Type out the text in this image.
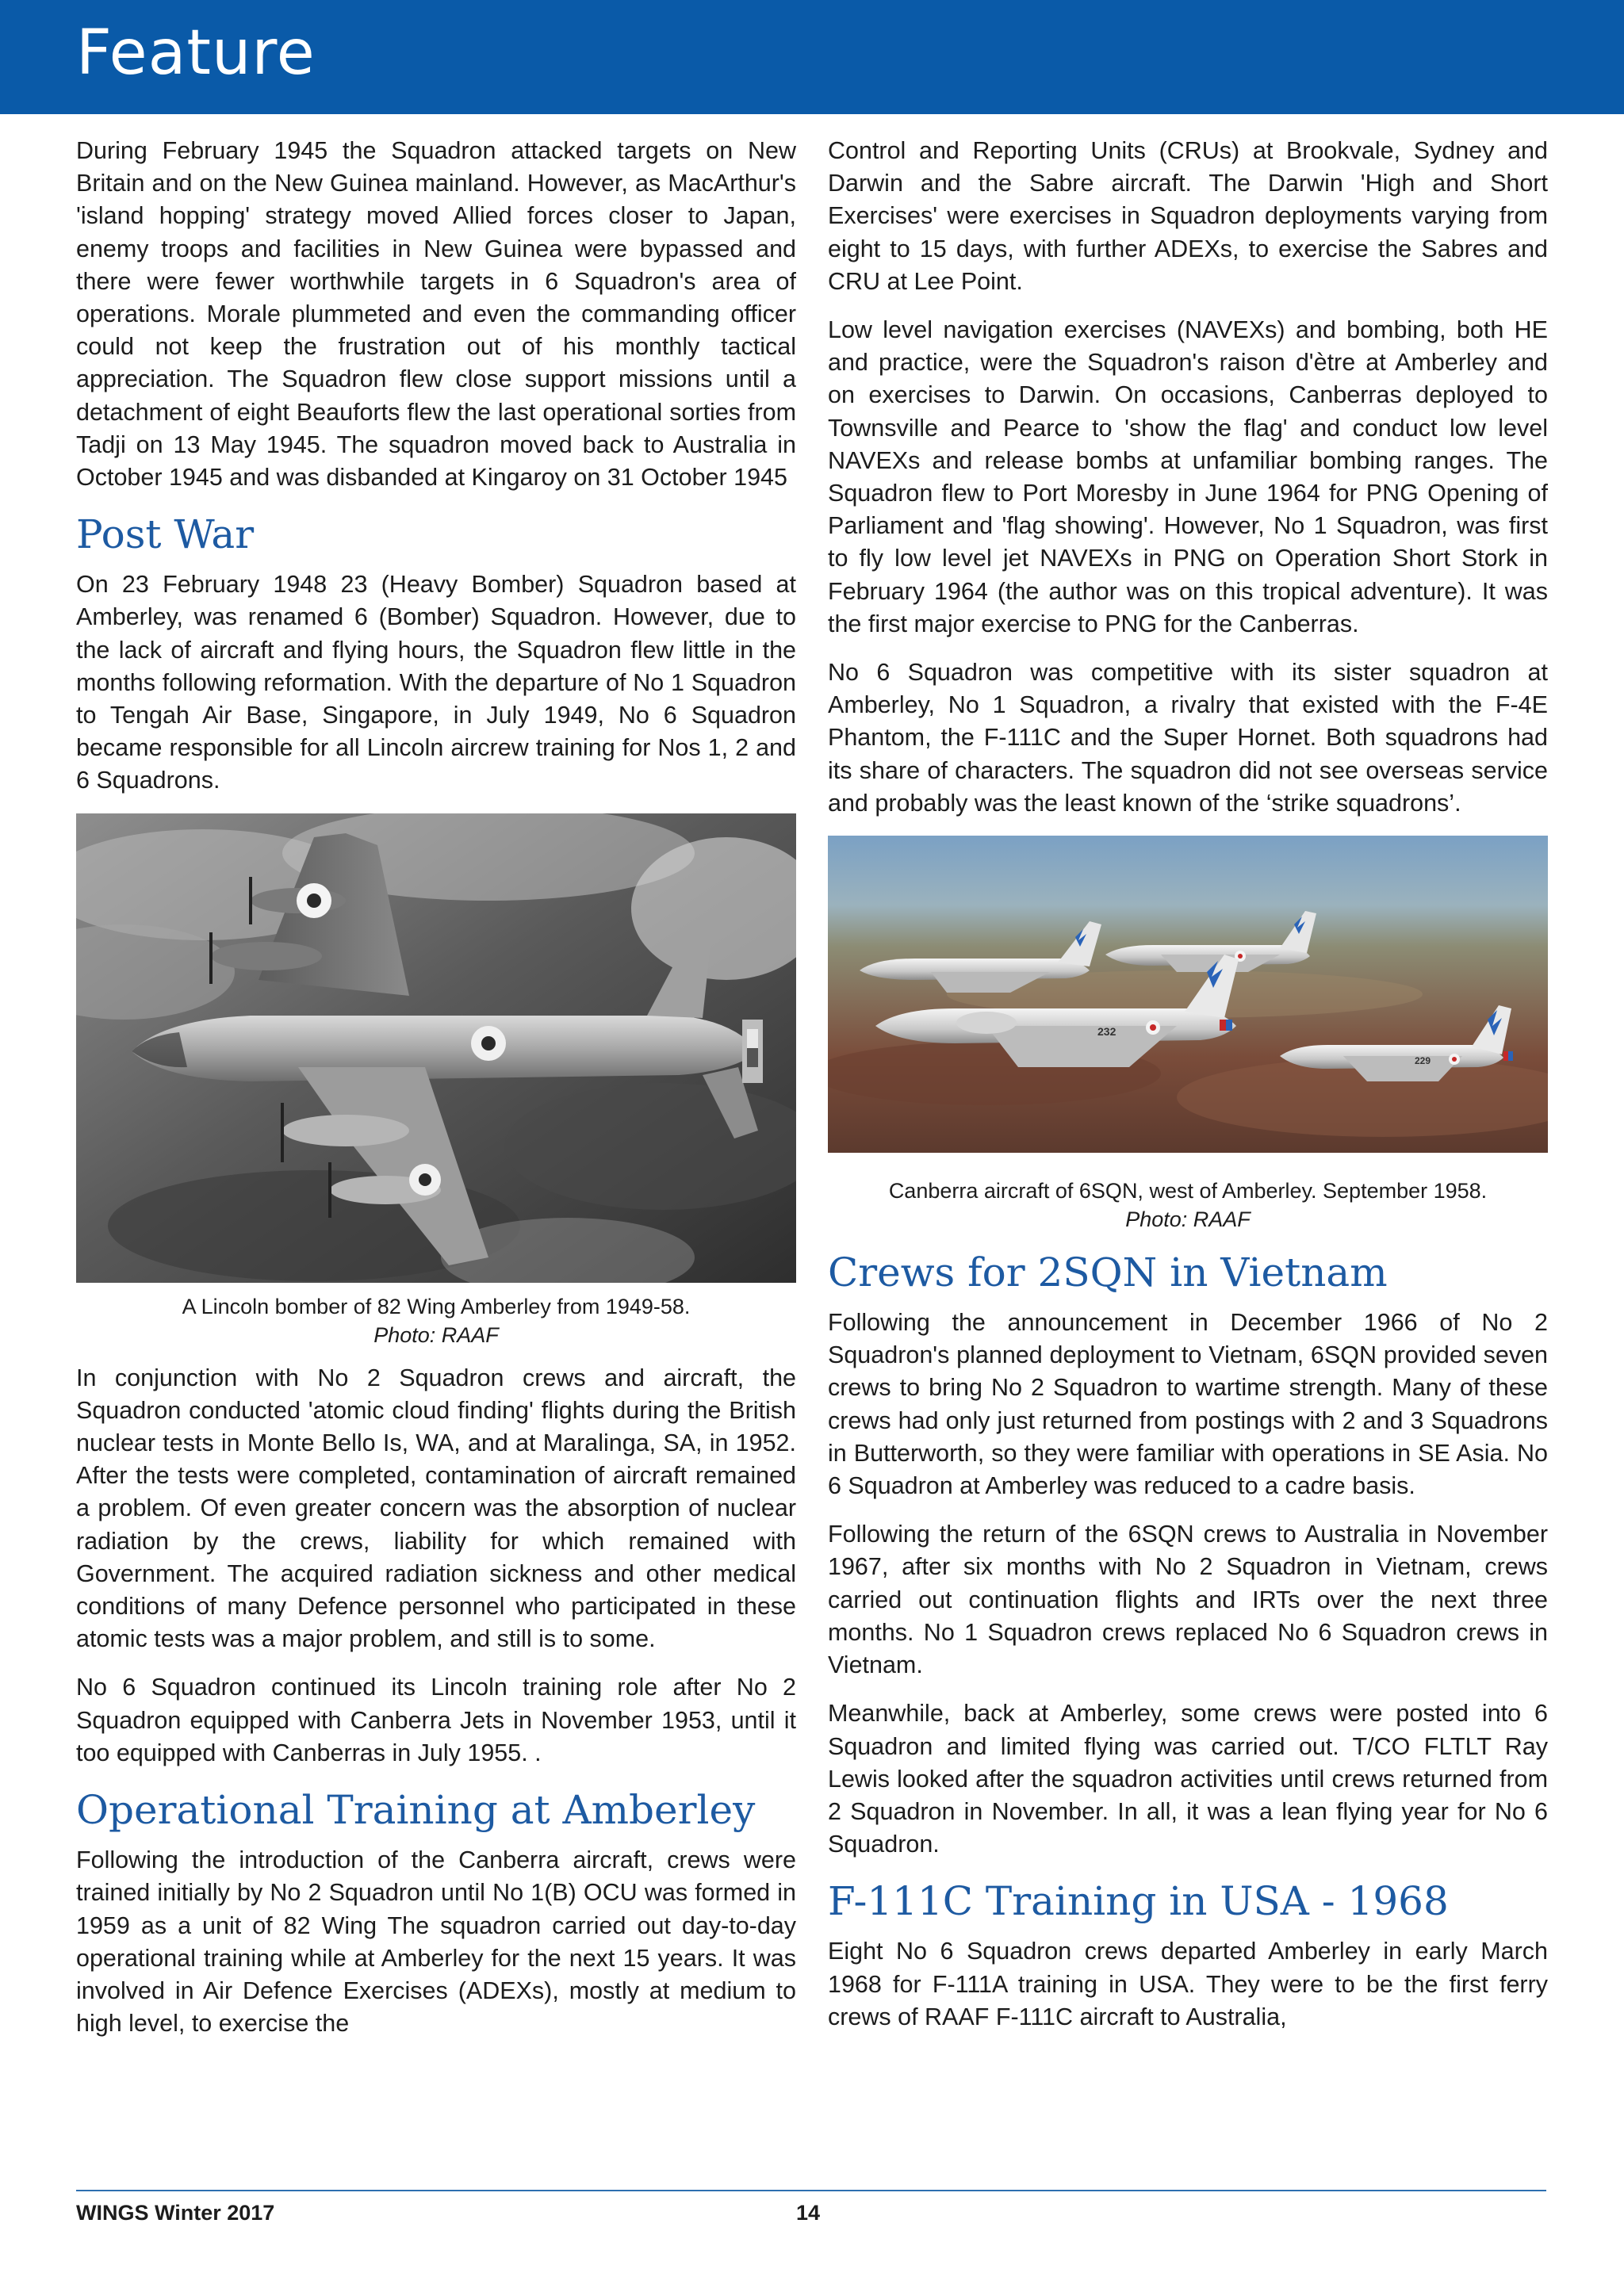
Feature

During February 1945 the Squadron attacked targets on New Britain and on the New Guinea mainland. However, as MacArthur's 'island hopping' strategy moved Allied forces closer to Japan, enemy troops and facilities in New Guinea were bypassed and there were fewer worthwhile targets in 6 Squadron's area of operations. Morale plummeted and even the commanding officer could not keep the frustration out of his monthly tactical appreciation. The Squadron flew close support missions until a detachment of eight Beauforts flew the last operational sorties from Tadji on 13 May 1945. The squadron moved back to Australia in October 1945 and was disbanded at Kingaroy on 31 October 1945

Post War

On 23 February 1948 23 (Heavy Bomber) Squadron based at Amberley, was renamed 6 (Bomber) Squadron. However, due to the lack of aircraft and flying hours, the Squadron flew little in the months following reformation. With the departure of No 1 Squadron to Tengah Air Base, Singapore, in July 1949, No 6 Squadron became responsible for all Lincoln aircrew training for Nos 1, 2 and 6 Squadrons.

A Lincoln bomber of 82 Wing Amberley from 1949-58.
Photo: RAAF

In conjunction with No 2 Squadron crews and aircraft, the Squadron conducted 'atomic cloud finding' flights during the British nuclear tests in Monte Bello Is, WA, and at Maralinga, SA, in 1952. After the tests were completed, contamination of aircraft remained a problem. Of even greater concern was the absorption of nuclear radiation by the crews, liability for which remained with Government. The acquired radiation sickness and other medical conditions of many Defence personnel who participated in these atomic tests was a major problem, and still is to some.

No 6 Squadron continued its Lincoln training role after No 2 Squadron equipped with Canberra Jets in November 1953, until it too equipped with Canberras in July 1955. .

Operational Training at Amberley

Following the introduction of the Canberra aircraft, crews were trained initially by No 2 Squadron until No 1(B) OCU was formed in 1959 as a unit of 82 Wing The squadron carried out day-to-day operational training while at Amberley for the next 15 years. It was involved in Air Defence Exercises (ADEXs), mostly at medium to high level, to exercise the

Control and Reporting Units (CRUs) at Brookvale, Sydney and Darwin and the Sabre aircraft. The Darwin 'High and Short Exercises' were exercises in Squadron deployments varying from eight to 15 days, with further ADEXs, to exercise the Sabres and CRU at Lee Point.

Low level navigation exercises (NAVEXs) and bombing, both HE and practice, were the Squadron's raison d'ètre at Amberley and on exercises to Darwin. On occasions, Canberras deployed to Townsville and Pearce to 'show the flag' and conduct low level NAVEXs and release bombs at unfamiliar bombing ranges. The Squadron flew to Port Moresby in June 1964 for PNG Opening of Parliament and 'flag showing'. However, No 1 Squadron, was first to fly low level jet NAVEXs in PNG on Operation Short Stork in February 1964 (the author was on this tropical adventure). It was the first major exercise to PNG for the Canberras.

No 6 Squadron was competitive with its sister squadron at Amberley, No 1 Squadron, a rivalry that existed with the F-4E Phantom, the F-111C and the Super Hornet. Both squadrons had its share of characters. The squadron did not see overseas service and probably was the least known of the ‘strike squadrons’.

232
229
Canberra aircraft of 6SQN, west of Amberley. September 1958.
Photo: RAAF
Crews for 2SQN in Vietnam

Following the announcement in December 1966 of No 2 Squadron's planned deployment to Vietnam, 6SQN provided seven crews to bring No 2 Squadron to wartime strength. Many of these crews had only just returned from postings with 2 and 3 Squadrons in Butterworth, so they were familiar with operations in SE Asia. No 6 Squadron at Amberley was reduced to a cadre basis.

Following the return of the 6SQN crews to Australia in November 1967, after six months with No 2 Squadron in Vietnam, crews carried out continuation flights and IRTs over the next three months. No 1 Squadron crews replaced No 6 Squadron crews in Vietnam.

Meanwhile, back at Amberley, some crews were posted into 6 Squadron and limited flying was carried out. T/CO FLTLT Ray Lewis looked after the squadron activities until crews returned from 2 Squadron in November. In all, it was a lean flying year for No 6 Squadron.

F-111C Training in USA - 1968

Eight No 6 Squadron crews departed Amberley in early March 1968 for F-111A training in USA. They were to be the first ferry crews of RAAF F-111C aircraft to Australia,

WINGS Winter 2017	14
